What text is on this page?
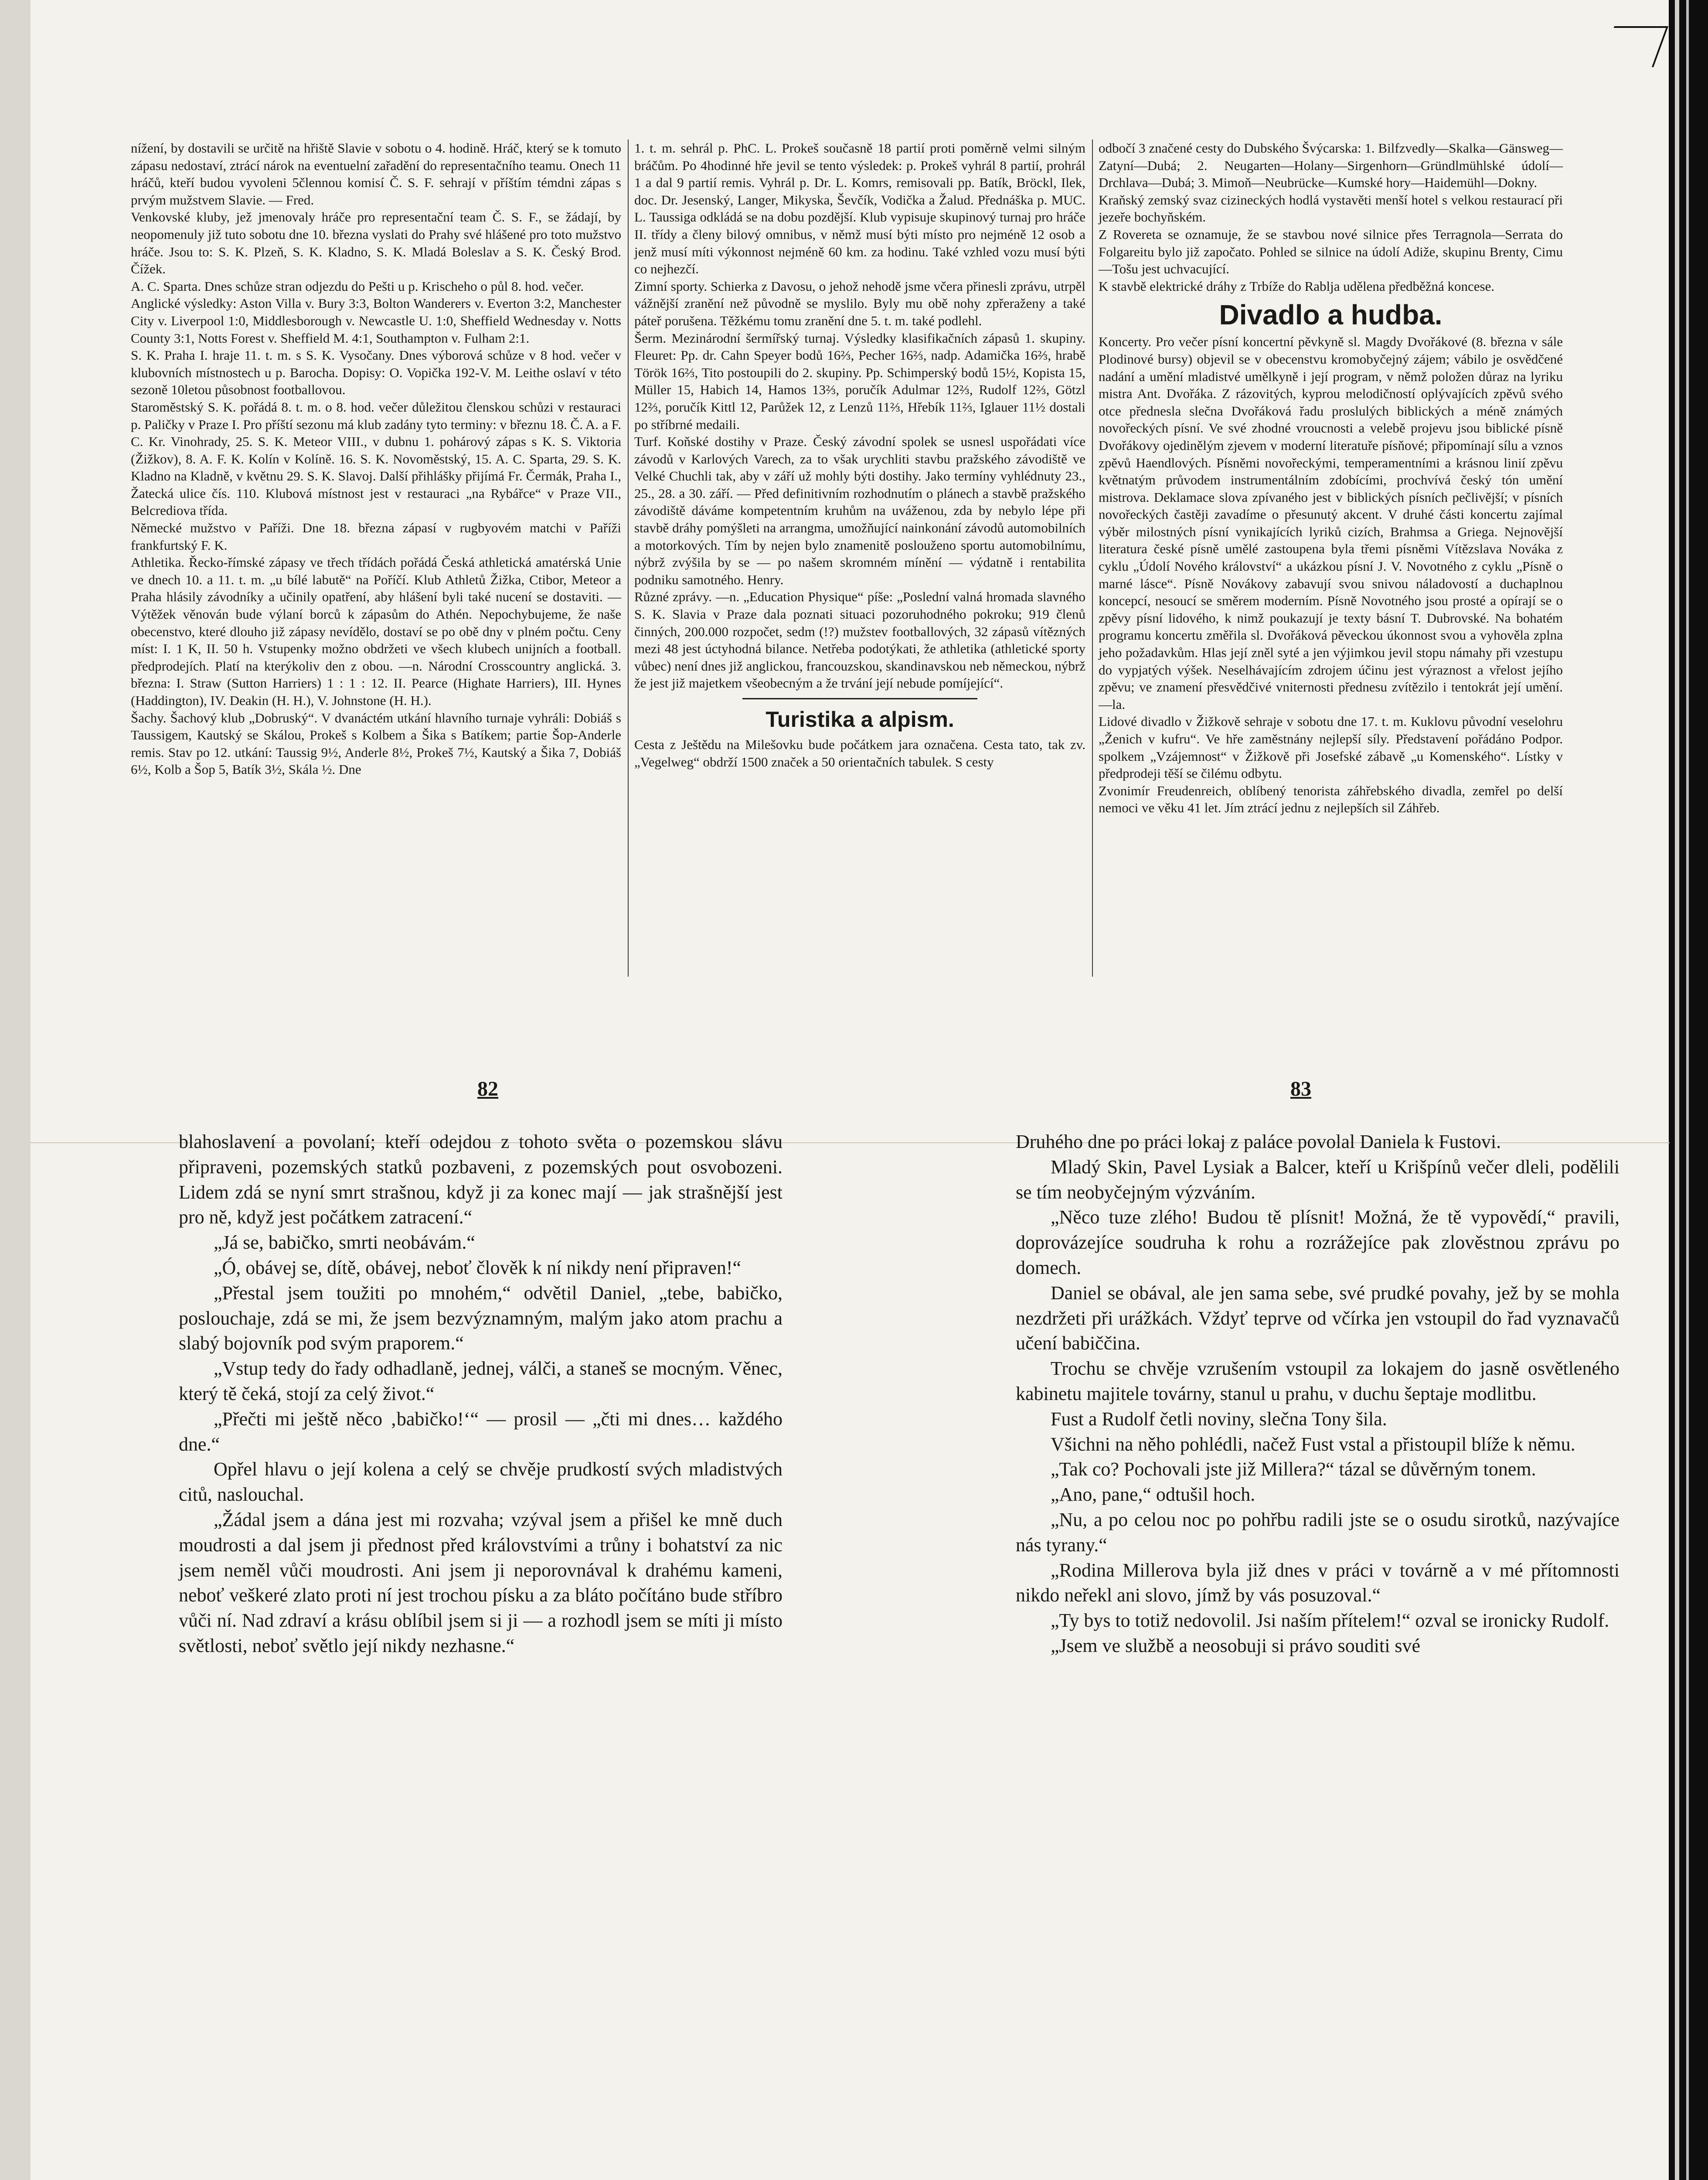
nížení, by dostavili se určitě na hřiště Slavie v sobotu o 4. hodině. Hráč, který se k tomuto zápasu nedostaví, ztrácí nárok na eventuelní zařadění do representačního teamu. Onech 11 hráčů, kteří budou vyvoleni 5člennou komisí Č. S. F. sehrají v příštím témdni zápas s prvým mužstvem Slavie. — Fred.

Venkovské kluby, jež jmenovaly hráče pro representační team Č. S. F., se žádají, by neopomenuly již tuto sobotu dne 10. března vyslati do Prahy své hlášené pro toto mužstvo hráče. Jsou to: S. K. Plzeň, S. K. Kladno, S. K. Mladá Boleslav a S. K. Český Brod. Čížek.

A. C. Sparta. Dnes schůze stran odjezdu do Pešti u p. Krischeho o půl 8. hod. večer.

Anglické výsledky: Aston Villa v. Bury 3:3, Bolton Wanderers v. Everton 3:2, Manchester City v. Liverpool 1:0, Middlesborough v. Newcastle U. 1:0, Sheffield Wednesday v. Notts County 3:1, Notts Forest v. Sheffield M. 4:1, Southampton v. Fulham 2:1.

S. K. Praha I. hraje 11. t. m. s S. K. Vysočany. Dnes výborová schůze v 8 hod. večer v klubovních místnostech u p. Barocha. Dopisy: O. Vopička 192-V. M. Leithe oslaví v této sezoně 10letou působnost footballovou.

Staroměstský S. K. pořádá 8. t. m. o 8. hod. večer důležitou členskou schůzi v restauraci p. Paličky v Praze I. Pro příští sezonu má klub zadány tyto terminy: v březnu 18. Č. A. a F. C. Kr. Vinohrady, 25. S. K. Meteor VIII., v dubnu 1. pohárový zápas s K. S. Viktoria (Žižkov), 8. A. F. K. Kolín v Kolíně. 16. S. K. Novoměstský, 15. A. C. Sparta, 29. S. K. Kladno na Kladně, v květnu 29. S. K. Slavoj. Další přihlášky přijímá Fr. Čermák, Praha I., Žatecká ulice čís. 110. Klubová místnost jest v restauraci „na Rybářce“ v Praze VII., Belcrediova třída.

Německé mužstvo v Paříži. Dne 18. března zápasí v rugbyovém matchi v Paříži frankfurtský F. K.

Athletika. Řecko-římské zápasy ve třech třídách pořádá Česká athletická amatérská Unie ve dnech 10. a 11. t. m. „u bílé labutě“ na Poříčí. Klub Athletů Žižka, Ctibor, Meteor a Praha hlásily závodníky a učinily opatření, aby hlášení byli také nucení se dostaviti. — Výtěžek věnován bude výlaní borců k zápasům do Athén. Nepochybujeme, že naše obecenstvo, které dlouho již zápasy nevídělo, dostaví se po obě dny v plném počtu. Ceny míst: I. 1 K, II. 50 h. Vstupenky možno obdržeti ve všech klubech unijních a football. předprodejích. Platí na kterýkoliv den z obou. —n. Národní Crosscountry anglická. 3. března: I. Straw (Sutton Harriers) 1 : 1 : 12. II. Pearce (Highate Harriers), III. Hynes (Haddington), IV. Deakin (H. H.), V. Johnstone (H. H.).

Šachy. Šachový klub „Dobruský“. V dvanáctém utkání hlavního turnaje vyhráli: Dobiáš s Taussigem, Kautský se Skálou, Prokeš s Kolbem a Šika s Batíkem; partie Šop-Anderle remis. Stav po 12. utkání: Taussig 9½, Anderle 8½, Prokeš 7½, Kautský a Šika 7, Dobiáš 6½, Kolb a Šop 5, Batík 3½, Skála ½. Dne

1. t. m. sehrál p. PhC. L. Prokeš současně 18 partií proti poměrně velmi silným bráčům. Po 4hodinné hře jevil se tento výsledek: p. Prokeš vyhrál 8 partií, prohrál 1 a dal 9 partií remis. Vyhrál p. Dr. L. Komrs, remisovali pp. Batík, Bröckl, Ilek, doc. Dr. Jesenský, Langer, Mikyska, Ševčík, Vodička a Žalud. Přednáška p. MUC. L. Taussiga odkládá se na dobu pozdější. Klub vypisuje skupinový turnaj pro hráče II. třídy a členy bilový omnibus, v němž musí býti místo pro nejméně 12 osob a jenž musí míti výkonnost nejméně 60 km. za hodinu. Také vzhled vozu musí býti co nejhezčí.

Zimní sporty. Schierka z Davosu, o jehož nehodě jsme včera přinesli zprávu, utrpěl vážnější zranění než původně se myslilo. Byly mu obě nohy zpřeraženy a také páteř porušena. Těžkému tomu zranění dne 5. t. m. také podlehl.

Šerm. Mezinárodní šermířský turnaj. Výsledky klasifikačních zápasů 1. skupiny. Fleuret: Pp. dr. Cahn Speyer bodů 16⅔, Pecher 16⅔, nadp. Adamička 16⅔, hrabě Török 16⅔, Tito postoupili do 2. skupiny. Pp. Schimperský bodů 15½, Kopista 15, Müller 15, Habich 14, Hamos 13⅔, poručík Adulmar 12⅔, Rudolf 12⅔, Götzl 12⅔, poručík Kittl 12, Parůžek 12, z Lenzů 11⅔, Hřebík 11⅔, Iglauer 11½ dostali po stříbrné medaili.

Turf. Koňské dostihy v Praze. Český závodní spolek se usnesl uspořádati více závodů v Karlových Varech, za to však urychliti stavbu pražského závodiště ve Velké Chuchli tak, aby v září už mohly býti dostihy. Jako termíny vyhlédnuty 23., 25., 28. a 30. září. — Před definitivním rozhodnutím o plánech a stavbě pražského závodiště dáváme kompetentním kruhům na uváženou, zda by nebylo lépe při stavbě dráhy pomýšleti na arrangma, umožňující nainkonání závodů automobilních a motorkových. Tím by nejen bylo znamenitě poslouženo sportu automobilnímu, nýbrž zvýšila by se — po našem skromném mínění — výdatně i rentabilita podniku samotného. Henry.

Různé zprávy. —n. „Education Physique“ píše: „Poslední valná hromada slavného S. K. Slavia v Praze dala poznati situaci pozoruhodného pokroku; 919 členů činných, 200.000 rozpočet, sedm (!?) mužstev footballových, 32 zápasů vítězných mezi 48 jest úctyhodná bilance. Netřeba podotýkati, že athletika (athletické sporty vůbec) není dnes již anglickou, francouzskou, skandinavskou neb německou, nýbrž že jest již majetkem všeobecným a že trvání její nebude pomíjející“.

Turistika a alpism.

Cesta z Ještědu na Milešovku bude počátkem jara označena. Cesta tato, tak zv. „Vegelweg“ obdrží 1500 značek a 50 orientačních tabulek. S cesty

odbočí 3 značené cesty do Dubského Švýcarska: 1. Bilfzvedly—Skalka—Gänsweg—Zatyní—Dubá; 2. Neugarten—Holany—Sirgenhorn—Gründlmühlské údolí—Drchlava—Dubá; 3. Mimoň—Neubrücke—Kumské hory—Haidemühl—Dokny.

Kraňský zemský svaz cizineckých hodlá vystavěti menší hotel s velkou restaurací při jezeře bochyňském.

Z Rovereta se oznamuje, že se stavbou nové silnice přes Terragnola—Serrata do Folgareitu bylo již započato. Pohled se silnice na údolí Adiže, skupinu Brenty, Cimu—Tošu jest uchvacující.

K stavbě elektrické dráhy z Trbíže do Rablja udělena předběžná koncese.

Divadlo a hudba.

Koncerty. Pro večer písní koncertní pěvkyně sl. Magdy Dvořákové (8. března v sále Plodinové bursy) objevil se v obecenstvu kromobyčejný zájem; vábilo je osvědčené nadání a umění mladistvé umělkyně i její program, v němž položen důraz na lyriku mistra Ant. Dvořáka. Z rázovitých, kyprou melodičností oplývajících zpěvů svého otce přednesla slečna Dvořáková řadu proslulých biblických a méně známých novořeckých písní. Ve své zhodné vroucnosti a velebě projevu jsou biblické písně Dvořákovy ojedinělým zjevem v moderní literatuře písňové; připomínají sílu a vznos zpěvů Haendlových. Písněmi novořeckými, temperamentními a krásnou linií zpěvu květnatým průvodem instrumentálním zdobícími, prochvívá český tón umění mistrova. Deklamace slova zpívaného jest v biblických písních pečlivější; v písních novořeckých častěji zavadíme o přesunutý akcent. V druhé části koncertu zajímal výběr milostných písní vynikajících lyriků cizích, Brahmsa a Griega. Nejnovější literatura české písně umělé zastoupena byla třemi písněmi Vítězslava Nováka z cyklu „Údolí Nového království“ a ukázkou písní J. V. Novotného z cyklu „Písně o marné lásce“. Písně Novákovy zabavují svou snivou náladovostí a duchaplnou koncepcí, nesoucí se směrem moderním. Písně Novotného jsou prosté a opírají se o zpěvy písní lidového, k nimž poukazují je texty básní T. Dubrovské. Na bohatém programu koncertu změřila sl. Dvořáková pěveckou úkonnost svou a vyhověla zplna jeho požadavkům. Hlas její zněl syté a jen výjimkou jevil stopu námahy při vzestupu do vypjatých výšek. Neselhávajícím zdrojem účinu jest výraznost a vřelost jejího zpěvu; ve znamení přesvědčivé vniternosti přednesu zvítězilo i tentokrát její umění. —la.

Lidové divadlo v Žižkově sehraje v sobotu dne 17. t. m. Kuklovu původní veselohru „Ženich v kufru“. Ve hře zaměstnány nejlepší síly. Představení pořádáno Podpor. spolkem „Vzájemnost“ v Žižkově při Josefské zábavě „u Komenského“. Lístky v předprodeji těší se čilému odbytu.

Zvonimír Freudenreich, oblíbený tenorista záhřebského divadla, zemřel po delší nemoci ve věku 41 let. Jím ztrácí jednu z nejlepších sil Záhřeb.

82	83

blahoslavení a povolaní; kteří odejdou z tohoto světa o pozemskou slávu připraveni, pozemských statků pozbaveni, z pozemských pout osvobozeni. Lidem zdá se nyní smrt strašnou, když ji za konec mají — jak strašnější jest pro ně, když jest počátkem zatracení.“

„Já se, babičko, smrti neobávám.“

„Ó, obávej se, dítě, obávej, neboť člověk k ní nikdy není připraven!“

„Přestal jsem toužiti po mnohém,“ odvětil Daniel, „tebe, babičko, poslouchaje, zdá se mi, že jsem bezvýznamným, malým jako atom prachu a slabý bojovník pod svým praporem.“

„Vstup tedy do řady odhadlaně, jednej, válči, a staneš se mocným. Věnec, který tě čeká, stojí za celý život.“

„Přečti mi ještě něco ‚babičko!‘“ — prosil — „čti mi dnes… každého dne.“

Opřel hlavu o její kolena a celý se chvěje prudkostí svých mladistvých citů, naslouchal.

„Žádal jsem a dána jest mi rozvaha; vzýval jsem a přišel ke mně duch moudrosti a dal jsem ji přednost před královstvími a trůny i bohatství za nic jsem neměl vůči moudrosti. Ani jsem ji neporovnával k drahému kameni, neboť veškeré zlato proti ní jest trochou písku a za bláto počítáno bude stříbro vůči ní. Nad zdraví a krásu oblíbil jsem si ji — a rozhodl jsem se míti ji místo světlosti, neboť světlo její nikdy nezhasne.“

Druhého dne po práci lokaj z paláce povolal Daniela k Fustovi.

Mladý Skin, Pavel Lysiak a Balcer, kteří u Krišpínů večer dleli, podělili se tím neobyčejným výzváním.

„Něco tuze zlého! Budou tě plísnit! Možná, že tě vypovědí,“ pravili, doprovázejíce soudruha k rohu a rozrážejíce pak zlověstnou zprávu po domech.

Daniel se obával, ale jen sama sebe, své prudké povahy, jež by se mohla nezdržeti při urážkách. Vždyť teprve od včírka jen vstoupil do řad vyznavačů učení babiččina.

Trochu se chvěje vzrušením vstoupil za lokajem do jasně osvětleného kabinetu majitele továrny, stanul u prahu, v duchu šeptaje modlitbu.

Fust a Rudolf četli noviny, slečna Tony šila.

Všichni na něho pohlédli, načež Fust vstal a přistoupil blíže k němu.

„Tak co? Pochovali jste již Millera?“ tázal se důvěrným tonem.

„Ano, pane,“ odtušil hoch.

„Nu, a po celou noc po pohřbu radili jste se o osudu sirotků, nazývajíce nás tyrany.“

„Rodina Millerova byla již dnes v práci v továrně a v mé přítomnosti nikdo neřekl ani slovo, jímž by vás posuzoval.“

„Ty bys to totiž nedovolil. Jsi naším přítelem!“ ozval se ironicky Rudolf.

„Jsem ve službě a neosobuji si právo souditi své
